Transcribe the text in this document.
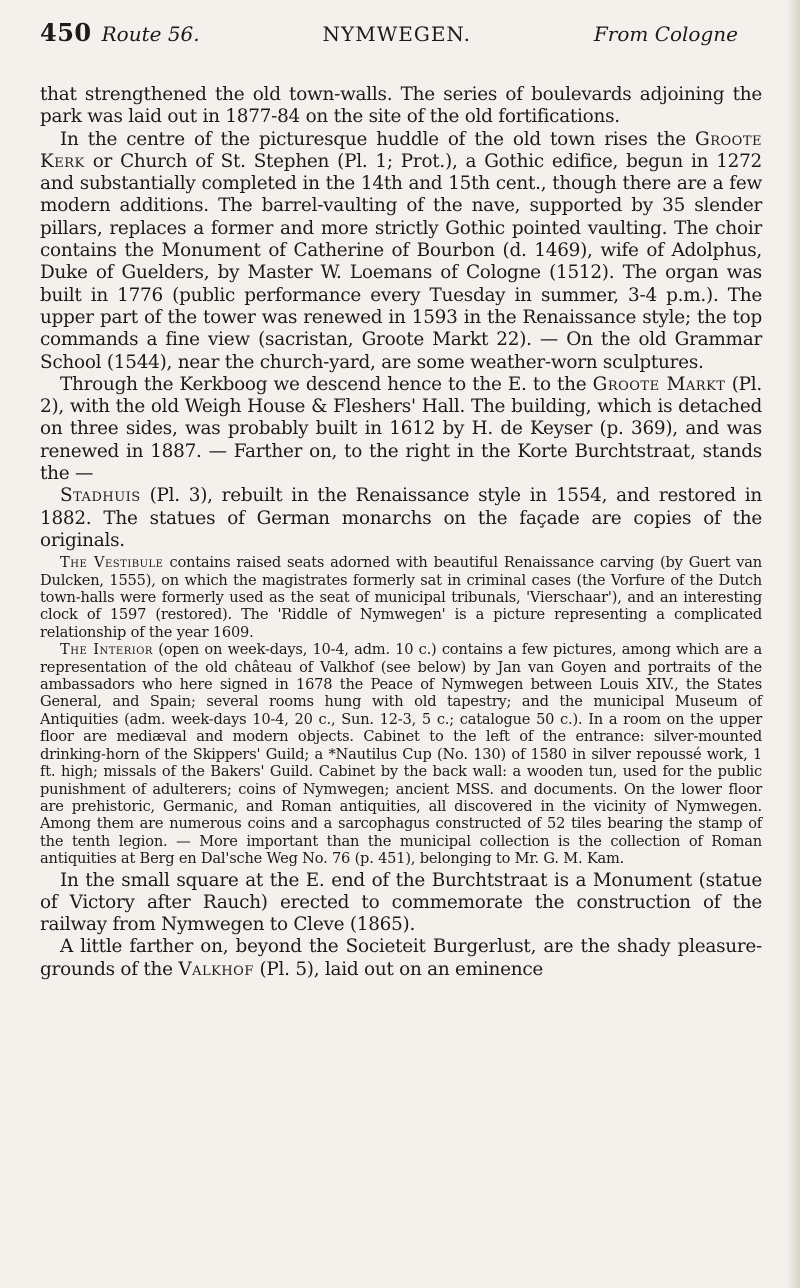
450 Route 56.	NYMWEGEN.	From Cologne

that strengthened the old town-walls. The series of boulevards adjoining the park was laid out in 1877-84 on the site of the old fortifications.

In the centre of the picturesque huddle of the old town rises the Groote Kerk or Church of St. Stephen (Pl. 1; Prot.), a Gothic edifice, begun in 1272 and substantially completed in the 14th and 15th cent., though there are a few modern additions. The barrel-vaulting of the nave, supported by 35 slender pillars, replaces a former and more strictly Gothic pointed vaulting. The choir contains the Monument of Catherine of Bourbon (d. 1469), wife of Adolphus, Duke of Guelders, by Master W. Loemans of Cologne (1512). The organ was built in 1776 (public performance every Tuesday in summer, 3-4 p.m.). The upper part of the tower was renewed in 1593 in the Renaissance style; the top commands a fine view (sacristan, Groote Markt 22). — On the old Grammar School (1544), near the church-yard, are some weather-worn sculptures.

Through the Kerkboog we descend hence to the E. to the Groote Markt (Pl. 2), with the old Weigh House & Fleshers' Hall. The building, which is detached on three sides, was probably built in 1612 by H. de Keyser (p. 369), and was renewed in 1887. — Farther on, to the right in the Korte Burchtstraat, stands the —

Stadhuis (Pl. 3), rebuilt in the Renaissance style in 1554, and restored in 1882. The statues of German monarchs on the façade are copies of the originals.

The Vestibule contains raised seats adorned with beautiful Renaissance carving (by Guert van Dulcken, 1555), on which the magistrates formerly sat in criminal cases (the Vorfure of the Dutch town-halls were formerly used as the seat of municipal tribunals, 'Vierschaar'), and an interesting clock of 1597 (restored). The 'Riddle of Nymwegen' is a picture representing a complicated relationship of the year 1609.

The Interior (open on week-days, 10-4, adm. 10 c.) contains a few pictures, among which are a representation of the old château of Valkhof (see below) by Jan van Goyen and portraits of the ambassadors who here signed in 1678 the Peace of Nymwegen between Louis XIV., the States General, and Spain; several rooms hung with old tapestry; and the municipal Museum of Antiquities (adm. week-days 10-4, 20 c., Sun. 12-3, 5 c.; catalogue 50 c.). In a room on the upper floor are mediæval and modern objects. Cabinet to the left of the entrance: silver-mounted drinking-horn of the Skippers' Guild; a *Nautilus Cup (No. 130) of 1580 in silver repoussé work, 1 ft. high; missals of the Bakers' Guild. Cabinet by the back wall: a wooden tun, used for the public punishment of adulterers; coins of Nymwegen; ancient MSS. and documents. On the lower floor are prehistoric, Germanic, and Roman antiquities, all discovered in the vicinity of Nymwegen. Among them are numerous coins and a sarcophagus constructed of 52 tiles bearing the stamp of the tenth legion. — More important than the municipal collection is the collection of Roman antiquities at Berg en Dal'sche Weg No. 76 (p. 451), belonging to Mr. G. M. Kam.

In the small square at the E. end of the Burchtstraat is a Monument (statue of Victory after Rauch) erected to commemorate the construction of the railway from Nymwegen to Cleve (1865).

A little farther on, beyond the Societeit Burgerlust, are the shady pleasure-grounds of the Valkhof (Pl. 5), laid out on an eminence
